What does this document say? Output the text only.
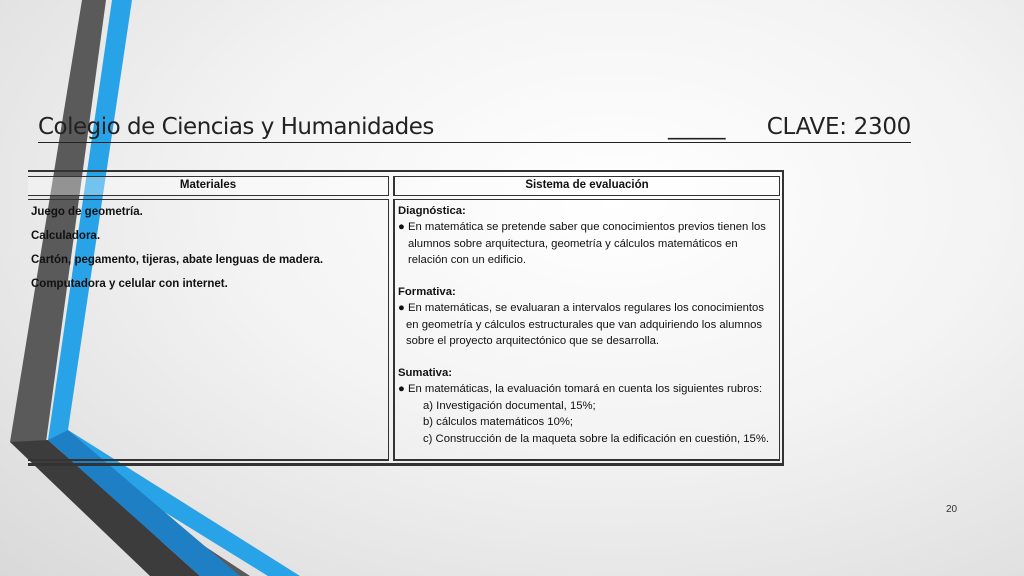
Colegio de Ciencias y Humanidades	_____ CLAVE: 2300
Materiales	Sistema de evaluación
Juego de geometría.
Calculadora.
Cartón, pegamento, tijeras, abate lenguas de madera.
Computadora y celular con internet.
Diagnóstica:
● En matemática se pretende saber que conocimientos previos tienen los
alumnos sobre arquitectura, geometría y cálculos matemáticos en
relación con un edificio.
Formativa:
● En matemáticas, se evaluaran a intervalos regulares los conocimientos
en geometría y cálculos estructurales que van adquiriendo los alumnos
sobre el proyecto arquitectónico que se desarrolla.
Sumativa:
● En matemáticas, la evaluación tomará en cuenta los siguientes rubros:
a) Investigación documental, 15%;
b) cálculos matemáticos 10%;
c) Construcción de la maqueta sobre la edificación en cuestión, 15%.
20
